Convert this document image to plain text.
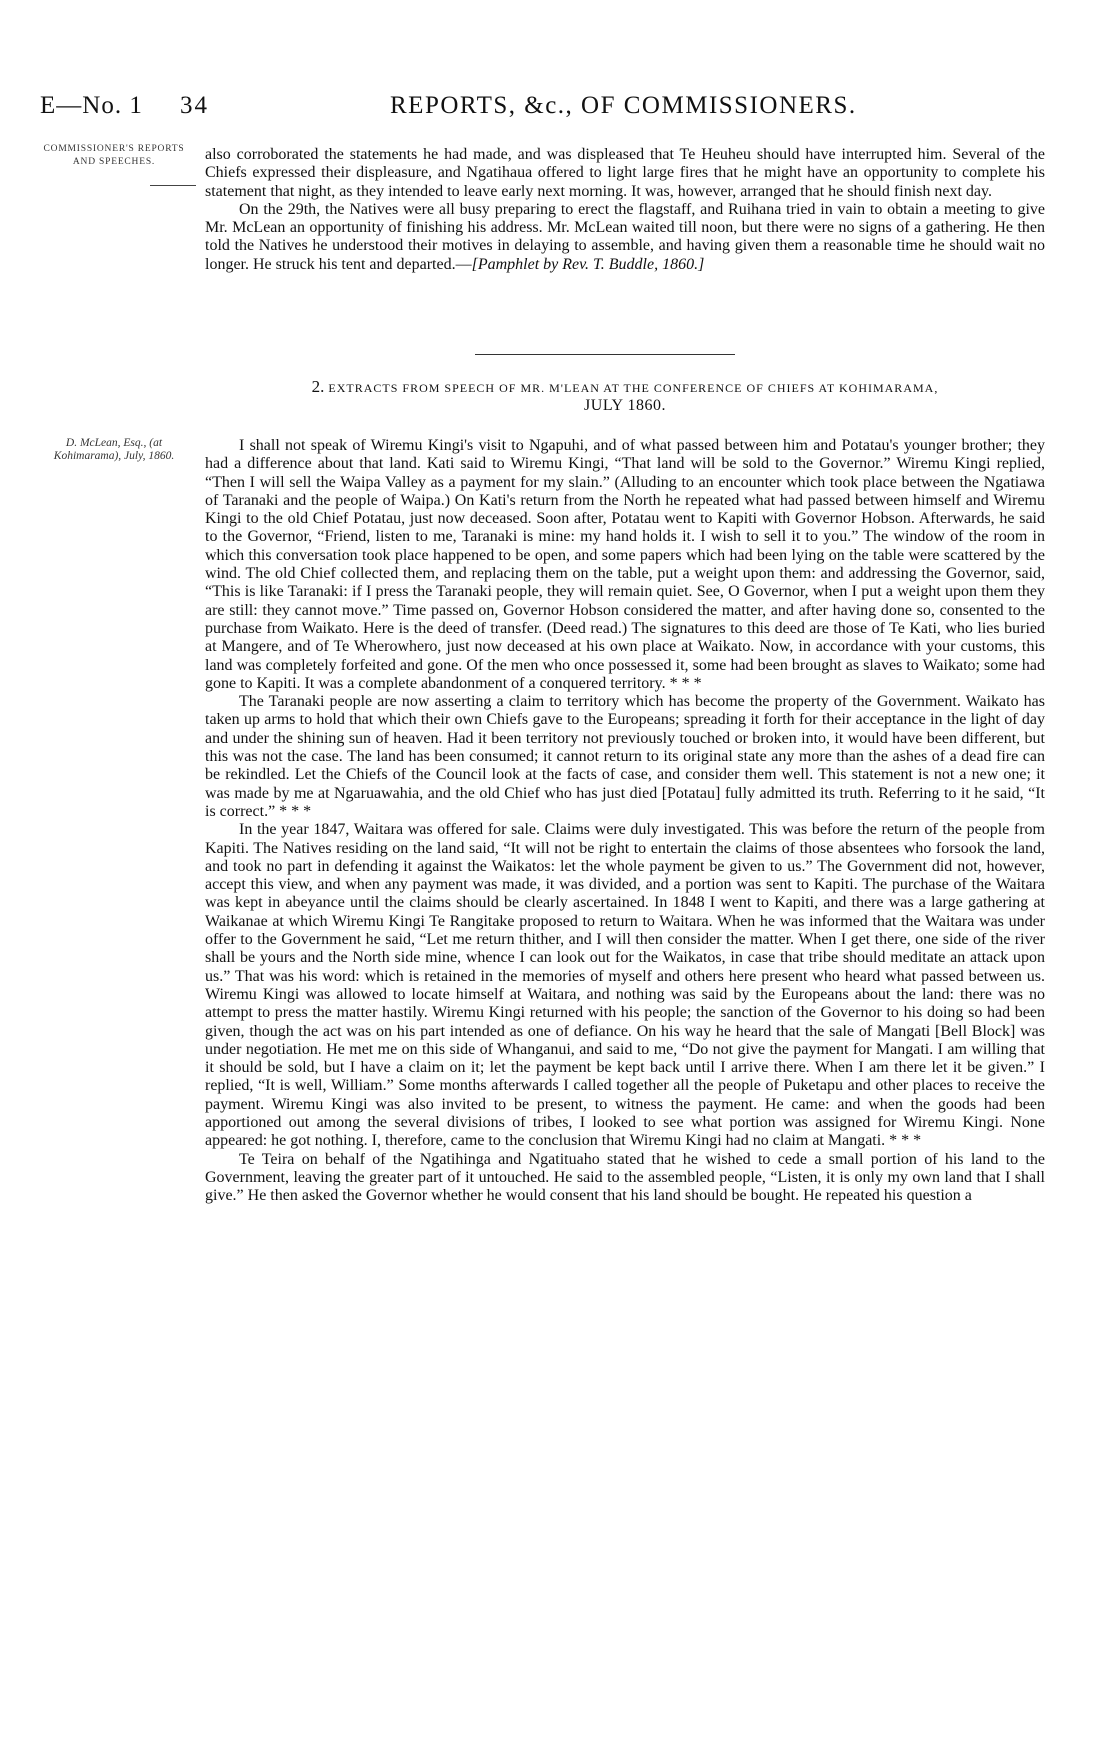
E—No. 1	34	REPORTS, &c., OF COMMISSIONERS.
COMMISSIONER'S REPORTS AND SPEECHES.	also corroborated the statements he had made, and was displeased that Te Heuheu should have interrupted him. Several of the Chiefs expressed their displeasure, and Ngatihaua offered to light large fires that he might have an opportunity to complete his statement that night, as they intended to leave early next morning. It was, however, arranged that he should finish next day.

On the 29th, the Natives were all busy preparing to erect the flagstaff, and Ruihana tried in vain to obtain a meeting to give Mr. McLean an opportunity of finishing his address. Mr. McLean waited till noon, but there were no signs of a gathering. He then told the Natives he understood their motives in delaying to assemble, and having given them a reasonable time he should wait no longer. He struck his tent and departed.—[Pamphlet by Rev. T. Buddle, 1860.]

2. EXTRACTS FROM SPEECH OF MR. M'LEAN AT THE CONFERENCE OF CHIEFS AT KOHIMARAMA,
JULY 1860.
D. McLean, Esq., (at Kohimarama), July, 1860.

I shall not speak of Wiremu Kingi's visit to Ngapuhi, and of what passed between him and Potatau's younger brother; they had a difference about that land. Kati said to Wiremu Kingi, “That land will be sold to the Governor.” Wiremu Kingi replied, “Then I will sell the Waipa Valley as a payment for my slain.” (Alluding to an encounter which took place between the Ngatiawa of Taranaki and the people of Waipa.) On Kati's return from the North he repeated what had passed between himself and Wiremu Kingi to the old Chief Potatau, just now deceased. Soon after, Potatau went to Kapiti with Governor Hobson. Afterwards, he said to the Governor, “Friend, listen to me, Taranaki is mine: my hand holds it. I wish to sell it to you.” The window of the room in which this conversation took place happened to be open, and some papers which had been lying on the table were scattered by the wind. The old Chief collected them, and replacing them on the table, put a weight upon them: and addressing the Governor, said, “This is like Taranaki: if I press the Taranaki people, they will remain quiet. See, O Governor, when I put a weight upon them they are still: they cannot move.” Time passed on, Governor Hobson considered the matter, and after having done so, consented to the purchase from Waikato. Here is the deed of transfer. (Deed read.) The signatures to this deed are those of Te Kati, who lies buried at Mangere, and of Te Wherowhero, just now deceased at his own place at Waikato. Now, in accordance with your customs, this land was completely forfeited and gone. Of the men who once possessed it, some had been brought as slaves to Waikato; some had gone to Kapiti. It was a complete abandonment of a conquered territory. * * *

The Taranaki people are now asserting a claim to territory which has become the property of the Government. Waikato has taken up arms to hold that which their own Chiefs gave to the Europeans; spreading it forth for their acceptance in the light of day and under the shining sun of heaven. Had it been territory not previously touched or broken into, it would have been different, but this was not the case. The land has been consumed; it cannot return to its original state any more than the ashes of a dead fire can be rekindled. Let the Chiefs of the Council look at the facts of case, and consider them well. This statement is not a new one; it was made by me at Ngaruawahia, and the old Chief who has just died [Potatau] fully admitted its truth. Referring to it he said, “It is correct.” * * *

In the year 1847, Waitara was offered for sale. Claims were duly investigated. This was before the return of the people from Kapiti. The Natives residing on the land said, “It will not be right to entertain the claims of those absentees who forsook the land, and took no part in defending it against the Waikatos: let the whole payment be given to us.” The Government did not, however, accept this view, and when any payment was made, it was divided, and a portion was sent to Kapiti. The purchase of the Waitara was kept in abeyance until the claims should be clearly ascertained. In 1848 I went to Kapiti, and there was a large gathering at Waikanae at which Wiremu Kingi Te Rangitake proposed to return to Waitara. When he was informed that the Waitara was under offer to the Government he said, “Let me return thither, and I will then consider the matter. When I get there, one side of the river shall be yours and the North side mine, whence I can look out for the Waikatos, in case that tribe should meditate an attack upon us.” That was his word: which is retained in the memories of myself and others here present who heard what passed between us. Wiremu Kingi was allowed to locate himself at Waitara, and nothing was said by the Europeans about the land: there was no attempt to press the matter hastily. Wiremu Kingi returned with his people; the sanction of the Governor to his doing so had been given, though the act was on his part intended as one of defiance. On his way he heard that the sale of Mangati [Bell Block] was under negotiation. He met me on this side of Whanganui, and said to me, “Do not give the payment for Mangati. I am willing that it should be sold, but I have a claim on it; let the payment be kept back until I arrive there. When I am there let it be given.” I replied, “It is well, William.” Some months afterwards I called together all the people of Puketapu and other places to receive the payment. Wiremu Kingi was also invited to be present, to witness the payment. He came: and when the goods had been apportioned out among the several divisions of tribes, I looked to see what portion was assigned for Wiremu Kingi. None appeared: he got nothing. I, therefore, came to the conclusion that Wiremu Kingi had no claim at Mangati. * * *

Te Teira on behalf of the Ngatihinga and Ngatituaho stated that he wished to cede a small portion of his land to the Government, leaving the greater part of it untouched. He said to the assembled people, “Listen, it is only my own land that I shall give.” He then asked the Governor whether he would consent that his land should be bought. He repeated his question a
